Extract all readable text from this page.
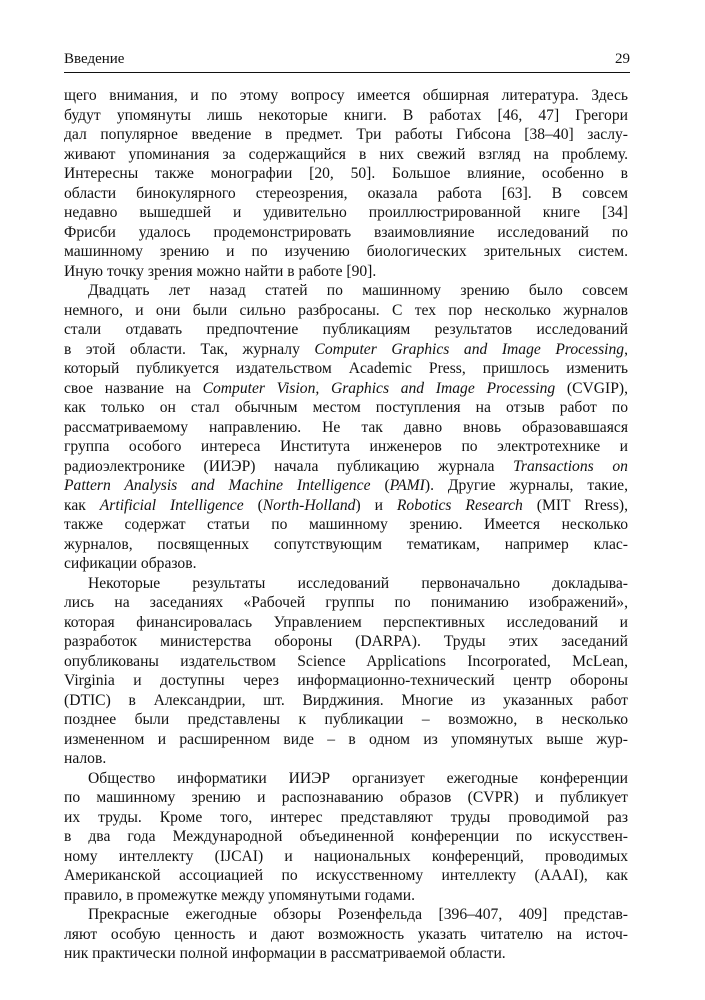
Введение	29
щего внимания, и по этому вопросу имеется обширная литература. Здесь
будут упомянуты лишь некоторые книги. В работах [46, 47] Грегори
дал популярное введение в предмет. Три работы Гибсона [38–40] заслу-
живают упоминания за содержащийся в них свежий взгляд на проблему.
Интересны также монографии [20, 50]. Большое влияние, особенно в
области бинокулярного стереозрения, оказала работа [63]. В совсем
недавно вышедшей и удивительно проиллюстрированной книге [34]
Фрисби удалось продемонстрировать взаимовлияние исследований по
машинному зрению и по изучению биологических зрительных систем.
Иную точку зрения можно найти в работе [90].
Двадцать лет назад статей по машинному зрению было совсем
немного, и они были сильно разбросаны. С тех пор несколько журналов
стали отдавать предпочтение публикациям результатов исследований
в этой области. Так, журналу Computer Graphics and Image Processing,
который публикуется издательством Academic Press, пришлось изменить
свое название на Computer Vision, Graphics and Image Processing (CVGIP),
как только он стал обычным местом поступления на отзыв работ по
рассматриваемому направлению. Не так давно вновь образовавшаяся
группа особого интереса Института инженеров по электротехнике и
радиоэлектронике (ИИЭР) начала публикацию журнала Transactions on
Pattern Analysis and Machine Intelligence (PAMI). Другие журналы, такие,
как Artificial Intelligence (North-Holland) и Robotics Research (MIT Rress),
также содержат статьи по машинному зрению. Имеется несколько
журналов, посвященных сопутствующим тематикам, например клас-
сификации образов.
Некоторые результаты исследований первоначально докладыва-
лись на заседаниях «Рабочей группы по пониманию изображений»,
которая финансировалась Управлением перспективных исследований и
разработок министерства обороны (DARPA). Труды этих заседаний
опубликованы издательством Science Applications Incorporated, McLean,
Virginia и доступны через информационно-технический центр обороны
(DTIC) в Александрии, шт. Вирджиния. Многие из указанных работ
позднее были представлены к публикации – возможно, в несколько
измененном и расширенном виде – в одном из упомянутых выше жур-
налов.
Общество информатики ИИЭР организует ежегодные конференции
по машинному зрению и распознаванию образов (CVPR) и публикует
их труды. Кроме того, интерес представляют труды проводимой раз
в два года Международной объединенной конференции по искусствен-
ному интеллекту (IJCAI) и национальных конференций, проводимых
Американской ассоциацией по искусственному интеллекту (AAAI), как
правило, в промежутке между упомянутыми годами.
Прекрасные ежегодные обзоры Розенфельда [396–407, 409] представ-
ляют особую ценность и дают возможность указать читателю на источ-
ник практически полной информации в рассматриваемой области.
